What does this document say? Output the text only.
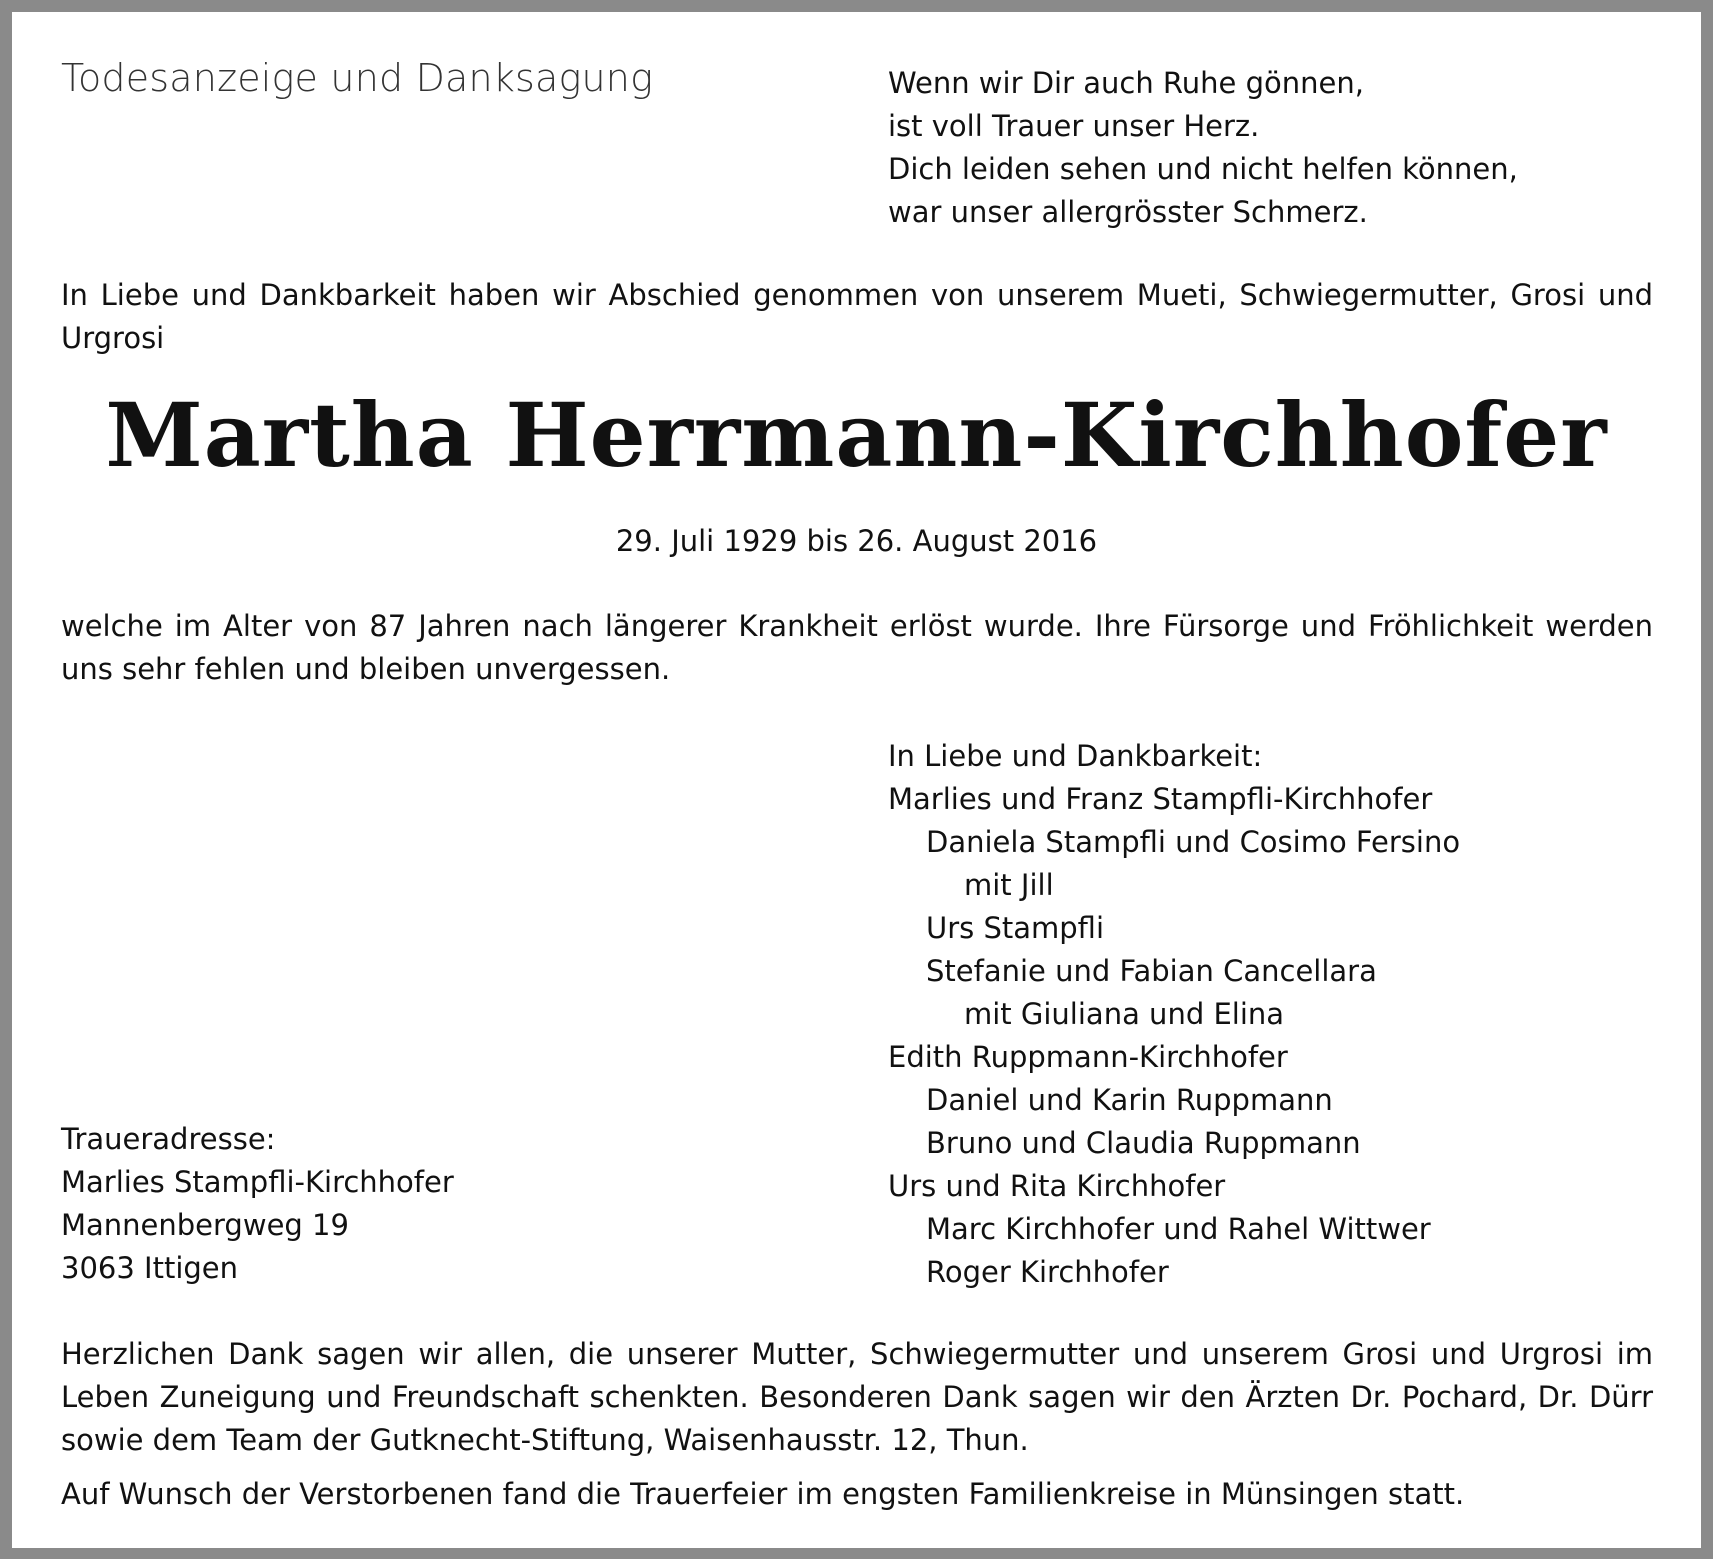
Todesanzeige und Danksagung	Wenn wir Dir auch Ruhe gönnen,
ist voll Trauer unser Herz.
Dich leiden sehen und nicht helfen können,
war unser allergrösster Schmerz.

In Liebe und Dankbarkeit haben wir Abschied genommen von unserem Mueti, Schwiegermutter, Grosi und Urgrosi

Martha Herrmann-Kirchhofer

29. Juli 1929 bis 26. August 2016

welche im Alter von 87 Jahren nach längerer Krankheit erlöst wurde. Ihre Fürsorge und Fröhlichkeit werden uns sehr fehlen und bleiben unvergessen.

In Liebe und Dankbarkeit:
Marlies und Franz Stampfli-Kirchhofer
Daniela Stampfli und Cosimo Fersino
mit Jill
Urs Stampfli
Stefanie und Fabian Cancellara
mit Giuliana und Elina
Edith Ruppmann-Kirchhofer
Daniel und Karin Ruppmann
Bruno und Claudia Ruppmann
Urs und Rita Kirchhofer
Marc Kirchhofer und Rahel Wittwer
Roger Kirchhofer
Traueradresse:
Marlies Stampfli-Kirchhofer
Mannenbergweg 19
3063 Ittigen

Herzlichen Dank sagen wir allen, die unserer Mutter, Schwiegermutter und unserem Grosi und Urgrosi im Leben Zuneigung und Freundschaft schenkten. Besonderen Dank sagen wir den Ärzten Dr. Pochard, Dr. Dürr sowie dem Team der Gutknecht-Stiftung, Waisenhausstr. 12, Thun.

Auf Wunsch der Verstorbenen fand die Trauerfeier im engsten Familienkreise in Münsingen statt.
